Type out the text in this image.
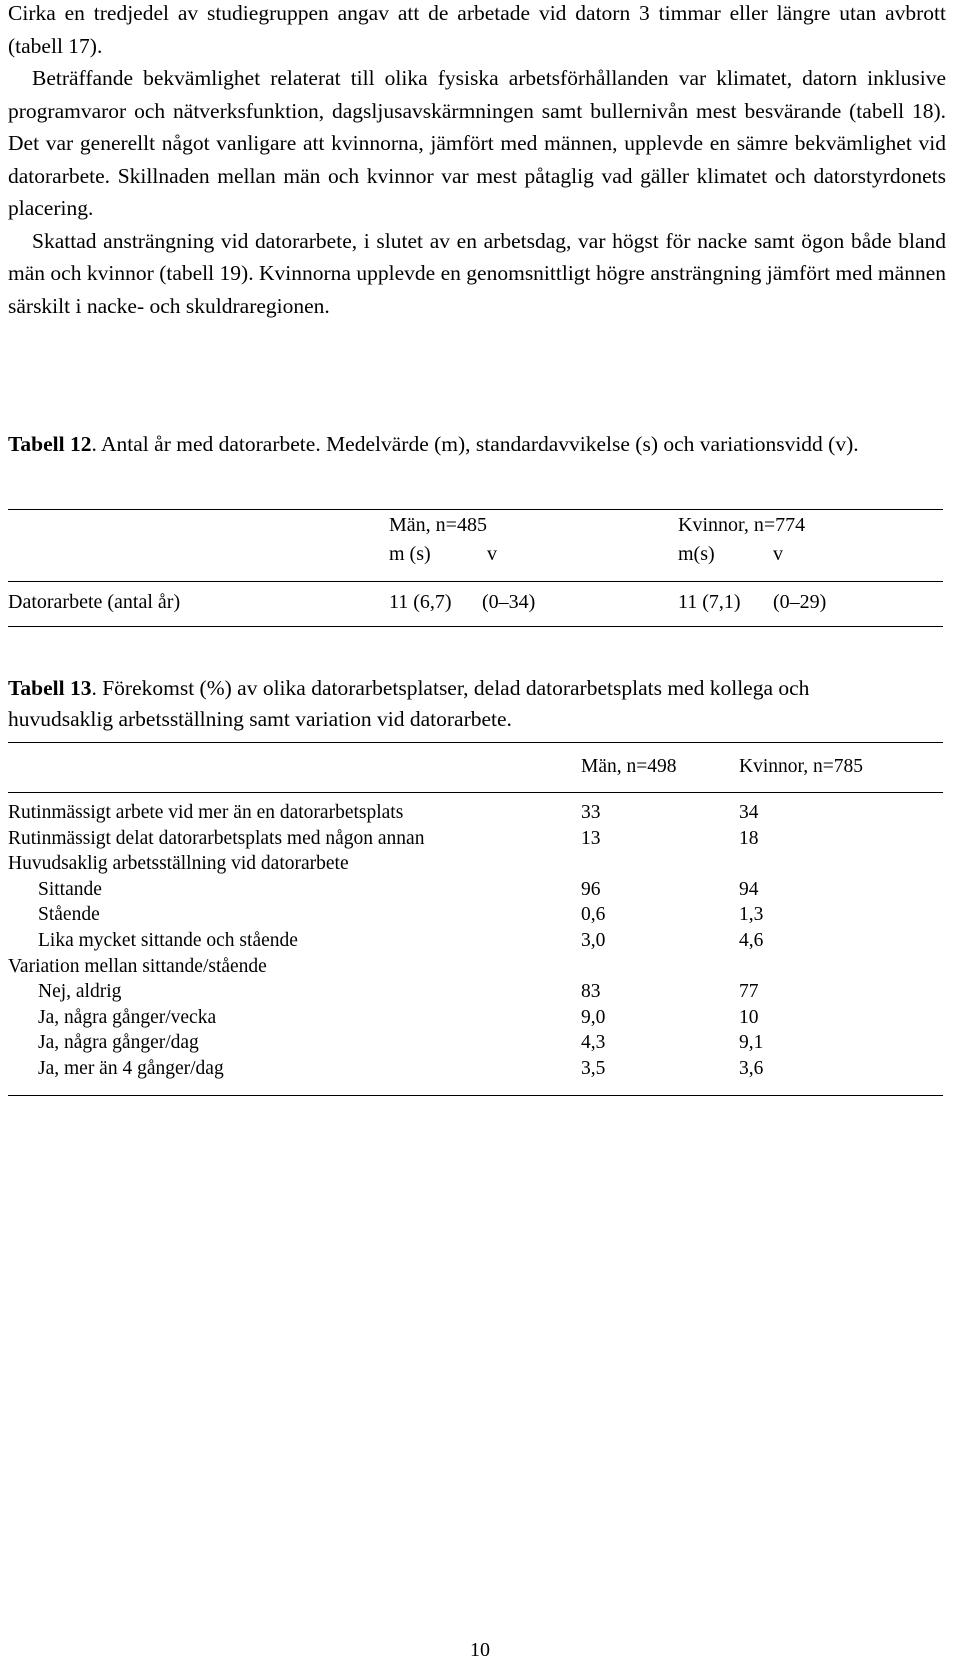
Cirka en tredjedel av studiegruppen angav att de arbetade vid datorn 3 timmar eller längre utan avbrott (tabell 17).

Beträffande bekvämlighet relaterat till olika fysiska arbetsförhållanden var klimatet, datorn inklusive programvaror och nätverksfunktion, dagsljusavskärmningen samt bullernivån mest besvärande (tabell 18). Det var generellt något vanligare att kvinnorna, jämfört med männen, upplevde en sämre bekvämlighet vid datorarbete. Skillnaden mellan män och kvinnor var mest påtaglig vad gäller klimatet och datorstyrdonets placering.

Skattad ansträngning vid datorarbete, i slutet av en arbetsdag, var högst för nacke samt ögon både bland män och kvinnor (tabell 19). Kvinnorna upplevde en genomsnittligt högre ansträngning jämfört med männen särskilt i nacke- och skuldraregionen.

Tabell 12. Antal år med datorarbete. Medelvärde (m), standardavvikelse (s) och variationsvidd (v).

Män, n=485	Kvinnor, n=774
m (s)	v	m(s)	v
Datorarbete (antal år)	11 (6,7) (0–34)	11 (7,1) (0–29)

Tabell 13. Förekomst (%) av olika datorarbetsplatser, delad datorarbetsplats med kollega och huvudsaklig arbetsställning samt variation vid datorarbete.

Män, n=498	Kvinnor, n=785
Rutinmässigt arbete vid mer än en datorarbetsplats	33	34
Rutinmässigt delat datorarbetsplats med någon annan	13	18
Huvudsaklig arbetsställning vid datorarbete
Sittande	96	94
Stående	0,6	1,3
Lika mycket sittande och stående	3,0	4,6
Variation mellan sittande/stående
Nej, aldrig	83	77
Ja, några gånger/vecka	9,0	10
Ja, några gånger/dag	4,3	9,1
Ja, mer än 4 gånger/dag	3,5	3,6
10
